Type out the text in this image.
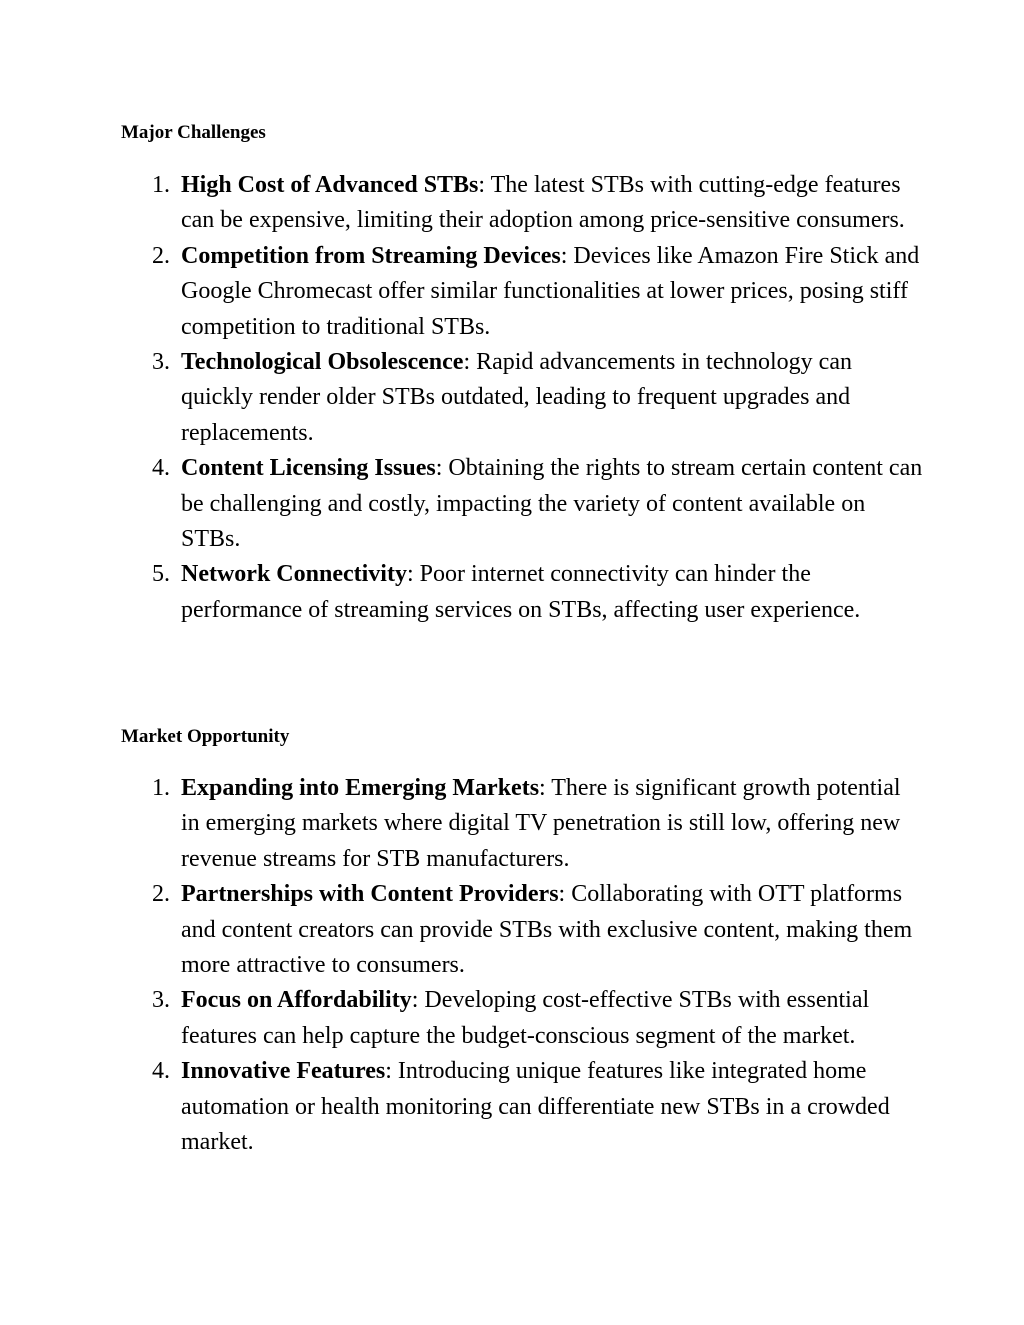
Major Challenges
1. High Cost of Advanced STBs: The latest STBs with cutting-edge features can be expensive, limiting their adoption among price-sensitive consumers.

2. Competition from Streaming Devices: Devices like Amazon Fire Stick and Google Chromecast offer similar functionalities at lower prices, posing stiff competition to traditional STBs.

3. Technological Obsolescence: Rapid advancements in technology can quickly render older STBs outdated, leading to frequent upgrades and replacements.

4. Content Licensing Issues: Obtaining the rights to stream certain content can be challenging and costly, impacting the variety of content available on STBs.

5. Network Connectivity: Poor internet connectivity can hinder the performance of streaming services on STBs, affecting user experience.

Market Opportunity
1. Expanding into Emerging Markets: There is significant growth potential in emerging markets where digital TV penetration is still low, offering new revenue streams for STB manufacturers.

2. Partnerships with Content Providers: Collaborating with OTT platforms and content creators can provide STBs with exclusive content, making them more attractive to consumers.

3. Focus on Affordability: Developing cost-effective STBs with essential features can help capture the budget-conscious segment of the market.

4. Innovative Features: Introducing unique features like integrated home automation or health monitoring can differentiate new STBs in a crowded market.
